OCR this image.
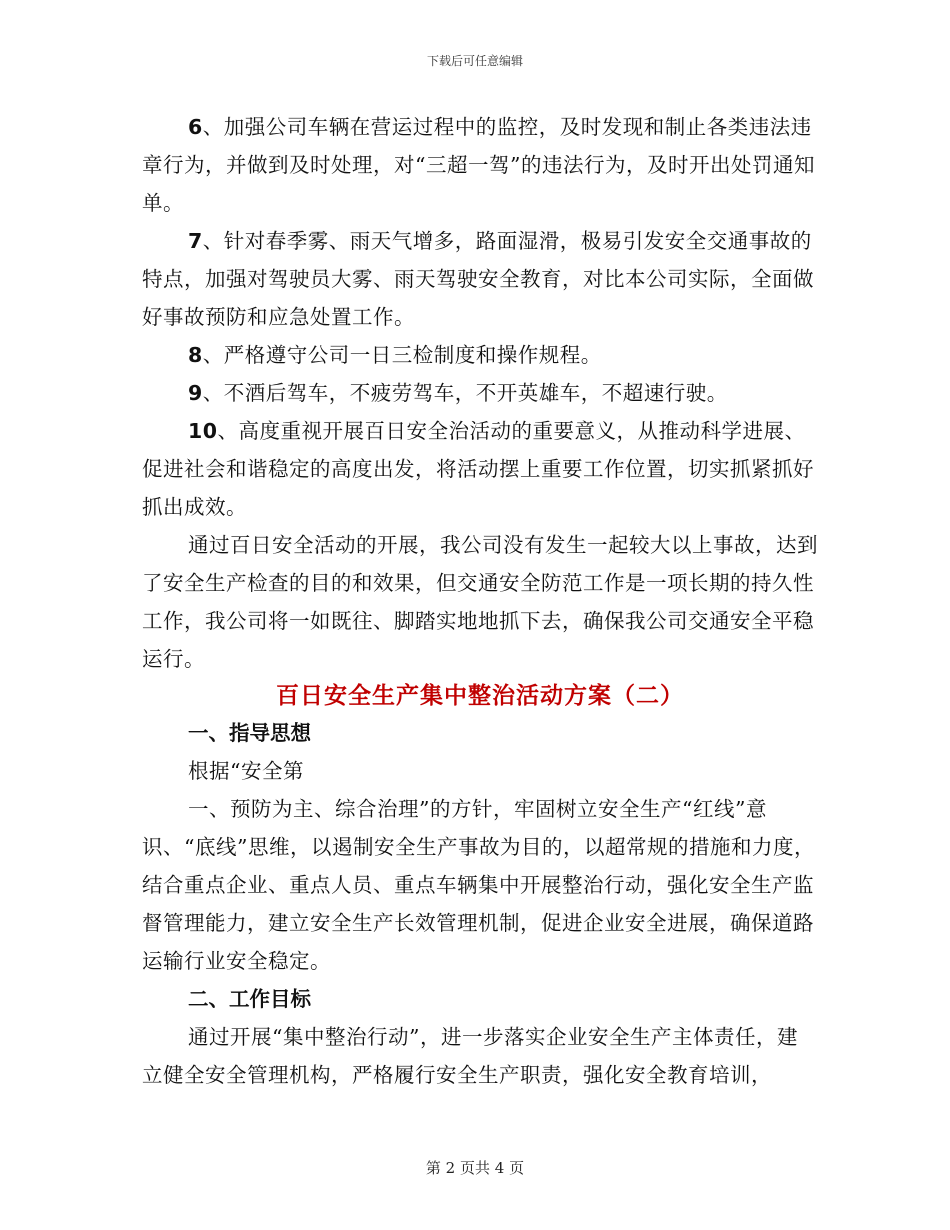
下载后可任意编辑

6、加强公司车辆在营运过程中的监控，及时发现和制止各类违法违章行为，并做到及时处理，对“三超一驾”的违法行为，及时开出处罚通知单。

7、针对春季雾、雨天气增多，路面湿滑，极易引发安全交通事故的特点，加强对驾驶员大雾、雨天驾驶安全教育，对比本公司实际，全面做好事故预防和应急处置工作。

8、严格遵守公司一日三检制度和操作规程。

9、不酒后驾车，不疲劳驾车，不开英雄车，不超速行驶。

10、高度重视开展百日安全治活动的重要意义，从推动科学进展、促进社会和谐稳定的高度出发，将活动摆上重要工作位置，切实抓紧抓好抓出成效。

通过百日安全活动的开展，我公司没有发生一起较大以上事故，达到了安全生产检查的目的和效果，但交通安全防范工作是一项长期的持久性工作，我公司将一如既往、脚踏实地地抓下去，确保我公司交通安全平稳运行。

百日安全生产集中整治活动方案（二）
一、指导思想

根据“安全第

一、预防为主、综合治理”的方针，牢固树立安全生产“红线”意识、“底线”思维，以遏制安全生产事故为目的，以超常规的措施和力度，结合重点企业、重点人员、重点车辆集中开展整治行动，强化安全生产监督管理能力，建立安全生产长效管理机制，促进企业安全进展，确保道路运输行业安全稳定。

二、工作目标

通过开展“集中整治行动”，进一步落实企业安全生产主体责任，建立健全安全管理机构，严格履行安全生产职责，强化安全教育培训，

第 2 页共 4 页
